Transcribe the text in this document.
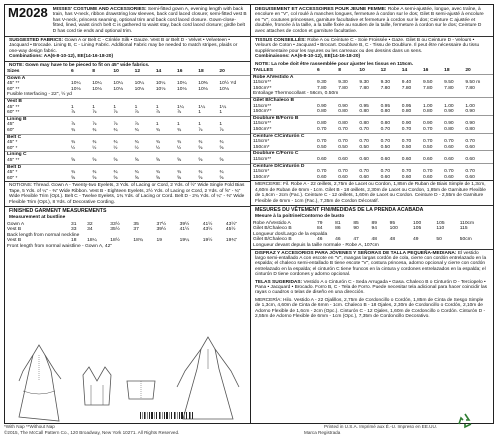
M2028	MISSES' COSTUME AND ACCESSORIES: Semi-fitted gown A, evening length with back train, has V-neck, ribbon drawstring low sleeves, back cord laced closure; semi-fitted vest B has V-neck, princess seaming, optional trim and back cord laced closure. Gown-close-fitted, lined, waist cinch belt C is gathered to waist stay, back cord laced closure; girdle belt D has cord tie ends and optional trim.
SUGGESTED FABRICS: Gown A or Belt C - Crinkle Silk • Gauze. Vest B or Belt D - Velvet • Velveteen • Jacquard • Brocade. Lining B, C - Lining Fabric. Additional Fabric may be needed to match stripes, plaids or one-way design fabric.
Combinations: AA(6-8-10-12), EE(14-16-18-20)
NOTE: Gown may have to be pieced to fit on 45" wide fabrics.
Sizes	6	8	10	12	14	16	18	20
Gown A								
45" **	10¼	10¼	10¼	10¼	10¼	10¼	10⅜	10½ Yd
60" **	10⅛	10⅛	10⅛	10⅛	10⅛	10⅛	10⅛	10⅛
Fusible Interfacing - 22", ½ yd								
Vest B								
45" **	1	1	1	1	1	1¼	1¼	1¼
60" **	⅞	⅞	⅞	⅞	⅞	⅞	1	1
Lining B								
45"	⅞	⅞	⅞	⅞	1	1	1	1
60"	¾	¾	¾	¾	¾	¾	⅞	⅞
Belt C								
45" *	¾	¾	¾	¾	¾	¾	¾	¾
60" *	½	½	½	½	½	½	⅝	⅝
Lining C								
45" **	⅝	⅝	⅝	⅝	⅝	⅝	⅝	⅝
Belt D								
45" *	¾	¾	¾	¾	¾	¾	¾	¾
60" *	⅝	⅝	⅝	⅝	⅝	⅝	⅝	⅝
NOTIONS: Thread. Gown A - Twenty-two Eyelets, 3 Yds. of Lacing or Cord, 2 Yds. of ½" Wide Single Fold Bias Tape, 5 Yds. of ¼" - ⅜" Wide Ribbon. Vest B - Eighteen Eyelets, 2½ Yds. of Lacing or Cord, 2 Yds. of ⅝" - ¾" Wide Flexible Trim (Opt.). Belt C - Twelve Eyelets, 1¾ Yds. of Lacing or Cord. Belt D - 2¾ Yds. of ¼" - ⅜" Wide Flexible Trim (Opt.), 8 Yds. of Decorative Cording.
FINISHED GARMENT MEASUREMENTS
Measurement at bustline
Gown A	31	32	33½	35	37½	39½	41½	43½"
Vest B	33	34	35½	37	39½	41½	43½	45½
Back length from normal neckline								
Vest B	18	18¼	18½	18¾	19	19¼	19½	19¾"
Front length from normal waistline - Gown A, 42"								
DEGUISEMENT ET ACCESSOIRES POUR JEUNE FEMME: Robe A semi-ajustée, longue, avec traîne, à encolure en "V", col roulé à manches longues, fermeture à cordon sur le dos; Gilet B semi-ajusté à encolure en "V", coutures princesses, garniture facultative et fermeture à cordon sur le dos; Ceinture C ajustée et doublée, froncée à la taille, a la taille fixée au soutien de la taille, fermeture à cordon sur le dos; Ceinture D avec attaches de cordon et garniture facultative.
TISSUS CONSEILLÉS: Robe A ou Ceinture C - Soie Froissée • Gaze. Gilet B ou Ceinture D - Velours • Velours de Coton • Jacquard • Brocart. Doublure B, C - Tissu de Doublure. Il peut être nécessaire du tissu supplémentaire pour les rayures ou les carreaux ou des dessins dans un sens.
Combinaisons: AA(6-8-10-12), EE(14-16-18-20)
NOTE: La robe doit être rassemblée pour ajuster les tissus en 115cm.
TAILLES	6	8	10	12	14	16	18	20
Robe A/Vestido A								
115cm**	9.30	9.30	9.30	9.30	9.40	9.50	9.50	9.50 m
150cm**	7.80	7.80	7.80	7.80	7.80	7.80	7.80	7.80
Entoilage Thermocollant - 56cm, 0.50m								
Gilet B/Chaleco B								
115cm**	0.90	0.90	0.95	0.95	0.95	1.00	1.00	1.00
150cm**	0.80	0.80	0.80	0.80	0.80	0.80	0.90	0.90
Doublure B/Forro B								
115cm**	0.80	0.80	0.80	0.80	0.90	0.90	0.90	0.90
150cm**	0.70	0.70	0.70	0.70	0.70	0.70	0.80	0.80
Ceinture C/Cinturón C								
115cm*	0.70	0.70	0.70	0.70	0.70	0.70	0.70	0.70
150cm*	0.50	0.50	0.50	0.50	0.50	0.50	0.60	0.60
Doublure C/Forro C								
115cm**	0.60	0.60	0.60	0.60	0.60	0.60	0.60	0.60
Ceinture D/Cinturón D								
115cm*	0.70	0.70	0.70	0.70	0.70	0.70	0.70	0.70
150cm*	0.60	0.60	0.60	0.60	0.60	0.60	0.60	0.60
MERCERIE: Fil. Robe A - 22 œillets, 2,75m de Lacet ou Cordon, 1,85m de Ruban de Biais Simple de 1,3cm, 4,60m de Ruban de 6mm - 1cm. Gilet B - 18 œillets, 2,30m de Lacet ou Cordon, 1,85m de Garniture Flexible de 1,6cm - 2cm (Fac.). Ceinture C - 12 œillets, 1,60m de Lacet ou Cordon. Ceinture D - 2,55m de Garniture Flexible de 6mm - 1cm (Fac.), 7,35m de Cordon Décoratif.
MESURES DU VÊTEMENT FINI/MEDIDAS DE LA PRENDA ACABADA
Mesure à la poitrine/Contorno de busto
Robe A/Vestido A	79	81	85	89	95	100	105	110cm
Gilet B/Chaleco B	84	86	90	94	100	105	110	115
Longueur dos/Largo de la espalda								
Gilet B/Chaleco B	46	46	47	48	48	49	50	50cm
Longueur devant depuis la taille normale - Robe A, 107cm								
DISFRAZ Y ACCESORIOS PARA JÓVENES Y SEÑORAS DE TALLA PEQUEÑA-MEDIANA: El vestido largo semi-entallado A con escote en "V", mangas largas cordón de cola, cierre con cordón entrelazado en la espalda; el chaleco semi-entallado B tiene escote "V", costura princesa, adorno opcional y cierre con cordón entrelazado en la espalda; el cinturón C tiene fruncos en la cintura y cordones entrelazados en la espalda; el cinturón D tiene cordones y adorno opcional.
TELAS SUGERIDAS: Vestido A o Cinturón C - Seda Arrugada • Gasa. Chaleco B o Cinturón D - Terciopelo • Pana • Jacquard • Brocado. Forro B, C - Tela de Forro. Puede necesitar tela adicional para hacer coincidir las rayas o cuadros o telas de diseño en una dirección.
MERCERÍA: Hilo. Vestido A - 22 Ojalillos, 2,75m de Cordoncillo o Cordón, 1,85m de Cinta de Sesgo Simple de 1,3cm, 4,60m de Cinta de 6mm - 1cm. Chaleco B - 18 Ojales, 2,30m de Cordoncillo o Cordón, 2,10m de Adorno Flexible de 1,6cm - 2cm (Opc.). Cinturón C - 12 Ojales, 1,60m de Cordoncillo o Cordón. Cinturón D - 2,55m de Adorno Flexible de 6mm - 1cm (Opc.), 7,35m de Cordoncillo Decorativo.
*With Nap **Without Nap
©2015, The McCall Pattern Co., 120 Broadway, New York 10271. All Rights Reserved.	Marca Registrada
Printed in U.S.A. Imprimé aux É.-U. Impreso en EE.UU.
